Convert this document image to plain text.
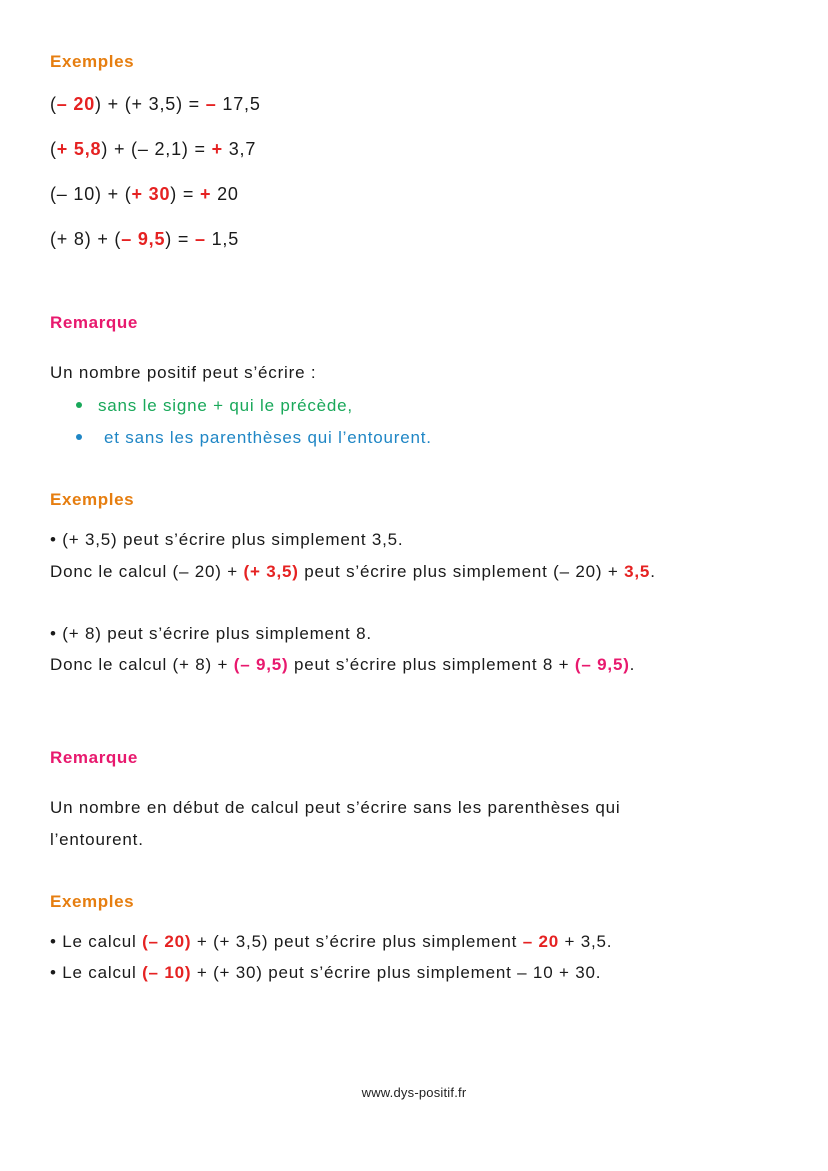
Exemples
(– 20) + (+ 3,5) = – 17,5
(+ 5,8) + (– 2,1) = + 3,7
(– 10) + (+ 30) = + 20
(+ 8) + (– 9,5) = – 1,5
Remarque
Un nombre positif peut s’écrire :
sans le signe + qui le précède,
et sans les parenthèses qui l’entourent.
Exemples
• (+ 3,5) peut s’écrire plus simplement 3,5.
Donc le calcul (– 20) + (+ 3,5) peut s’écrire plus simplement (– 20) + 3,5.
• (+ 8) peut s’écrire plus simplement 8.
Donc le calcul (+ 8) + (– 9,5) peut s’écrire plus simplement 8 + (– 9,5).
Remarque
Un nombre en début de calcul peut s’écrire sans les parenthèses qui
l’entourent.
Exemples
• Le calcul (– 20) + (+ 3,5) peut s’écrire plus simplement – 20 + 3,5.
• Le calcul (– 10) + (+ 30) peut s’écrire plus simplement – 10 + 30.
www.dys-positif.fr
